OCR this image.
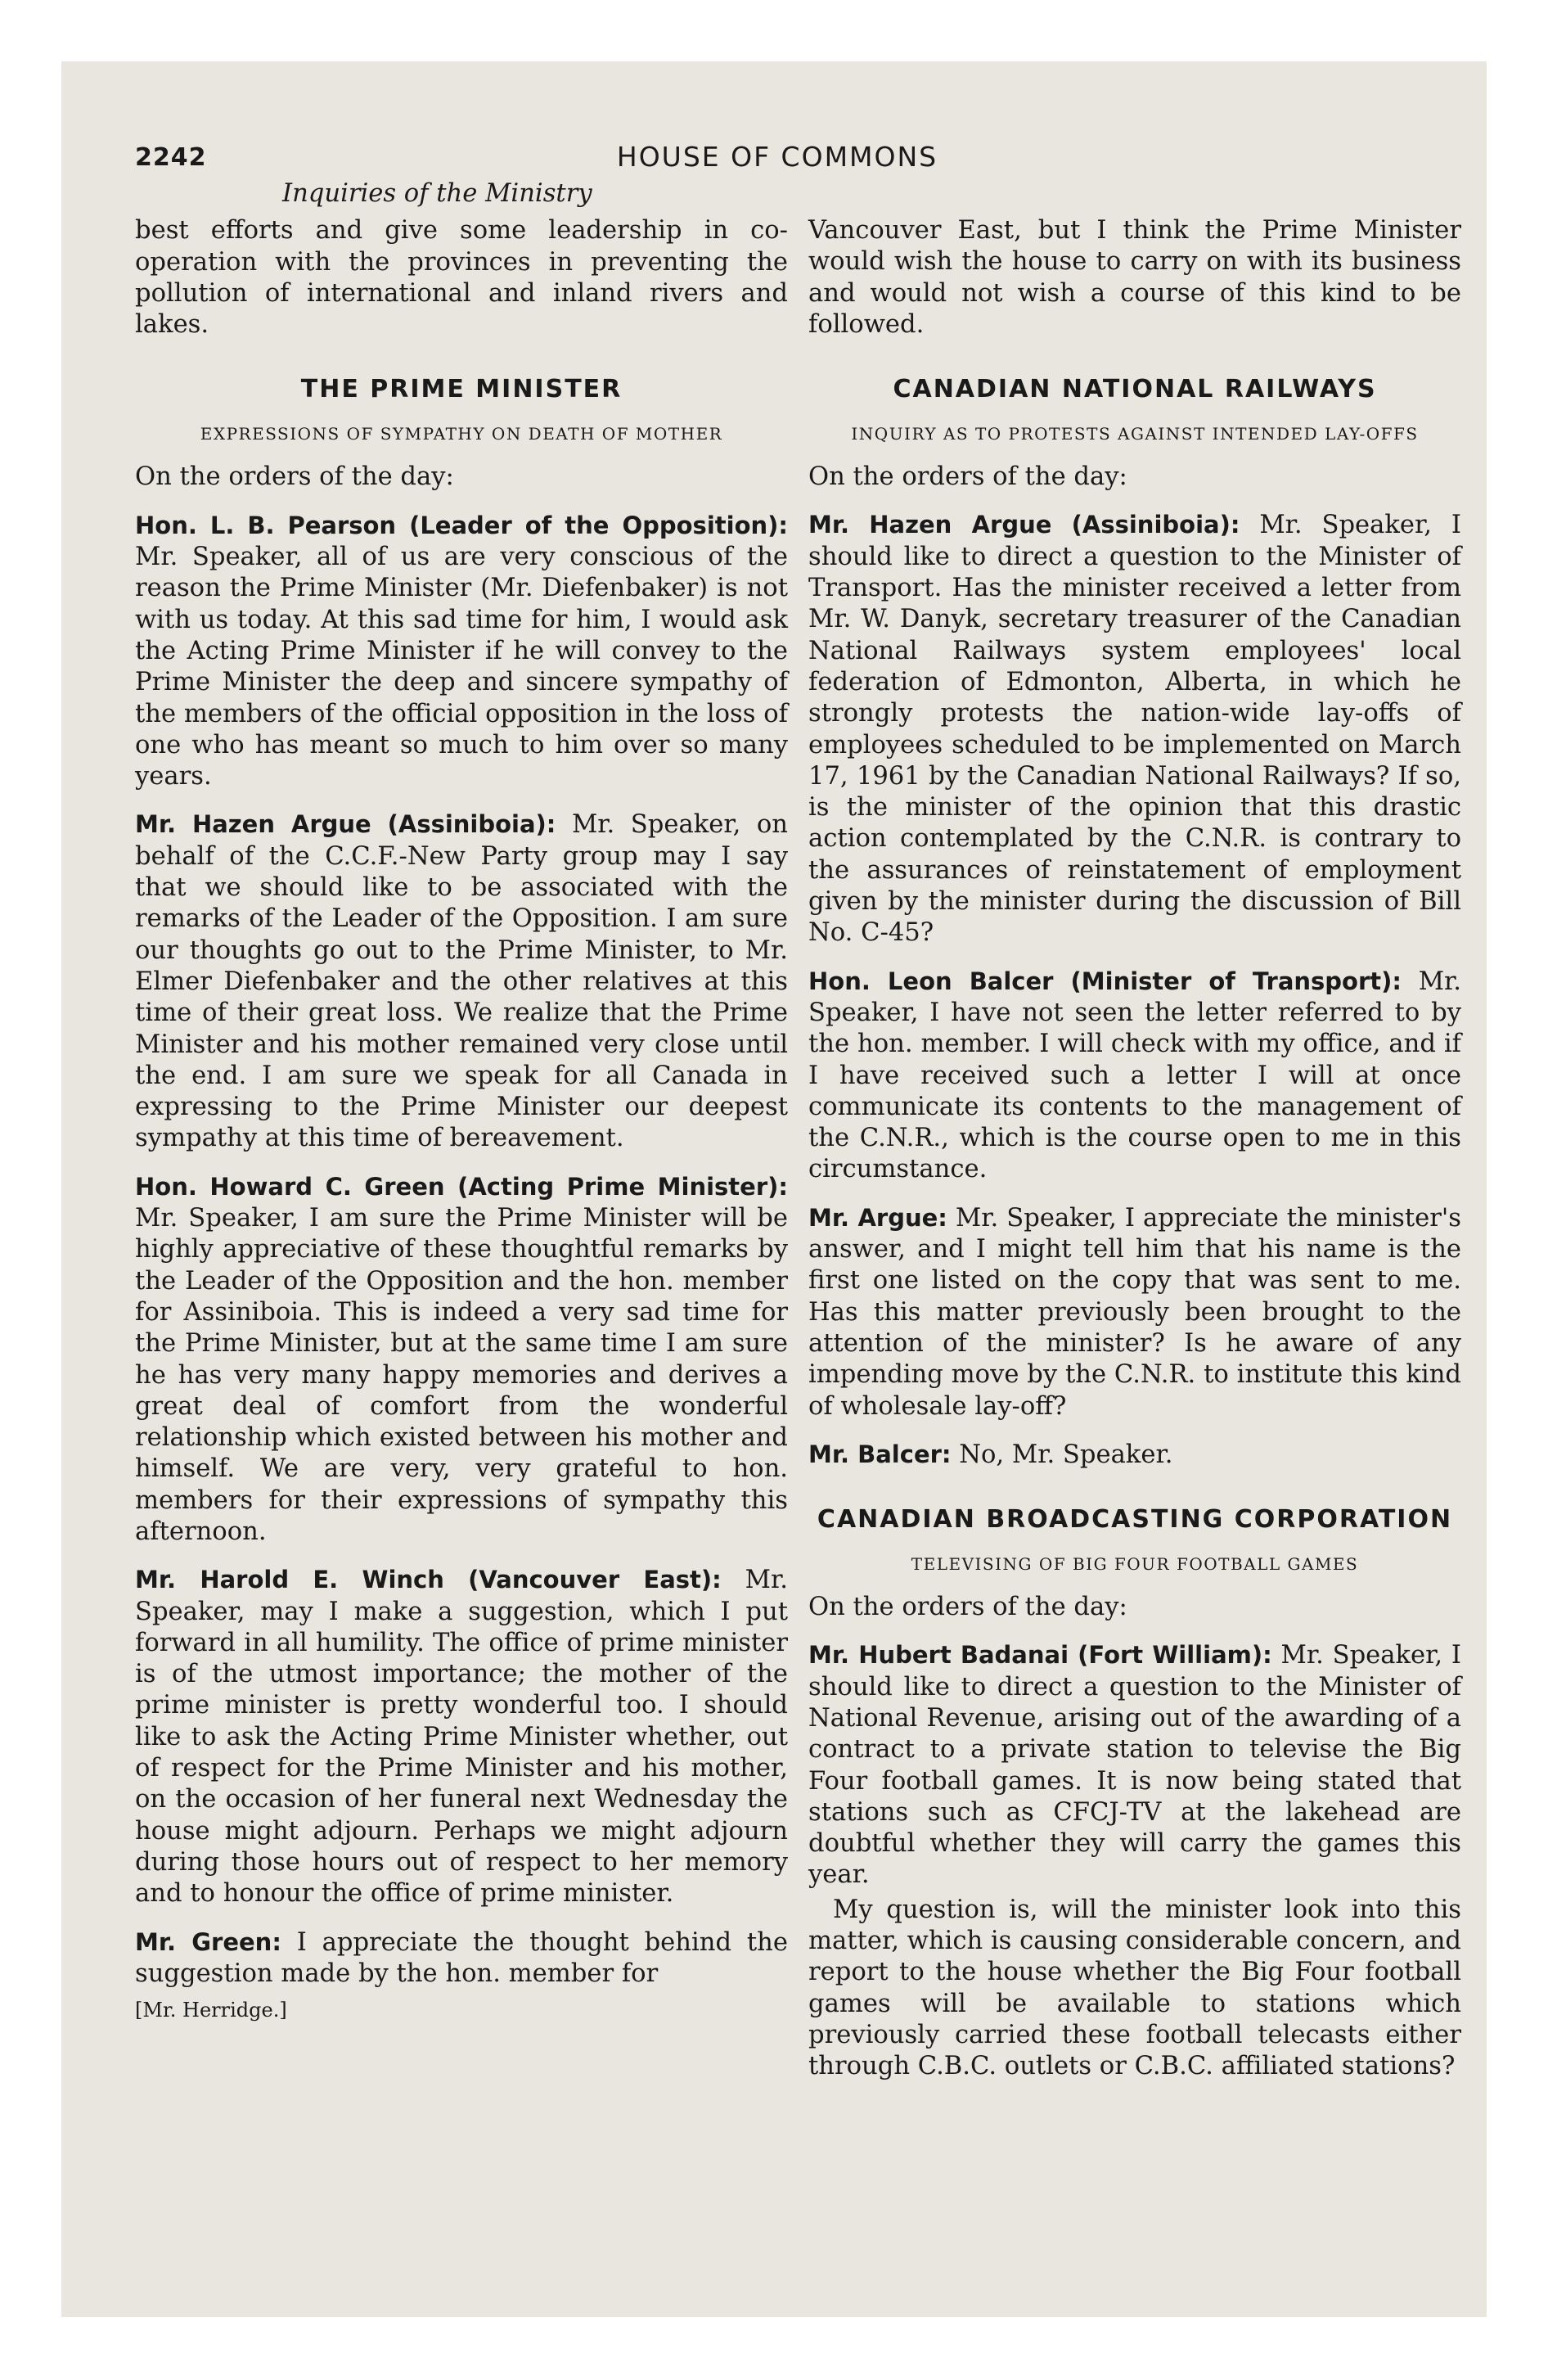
2242	HOUSE OF COMMONS
Inquiries of the Ministry

best efforts and give some leadership in co-operation with the provinces in preventing the pollution of international and inland rivers and lakes.

THE PRIME MINISTER
EXPRESSIONS OF SYMPATHY ON DEATH OF MOTHER

On the orders of the day:

Hon. L. B. Pearson (Leader of the Opposition): Mr. Speaker, all of us are very conscious of the reason the Prime Minister (Mr. Diefenbaker) is not with us today. At this sad time for him, I would ask the Acting Prime Minister if he will convey to the Prime Minister the deep and sincere sympathy of the members of the official opposition in the loss of one who has meant so much to him over so many years.

Mr. Hazen Argue (Assiniboia): Mr. Speaker, on behalf of the C.C.F.-New Party group may I say that we should like to be associated with the remarks of the Leader of the Opposition. I am sure our thoughts go out to the Prime Minister, to Mr. Elmer Diefenbaker and the other relatives at this time of their great loss. We realize that the Prime Minister and his mother remained very close until the end. I am sure we speak for all Canada in expressing to the Prime Minister our deepest sympathy at this time of bereavement.

Hon. Howard C. Green (Acting Prime Minister): Mr. Speaker, I am sure the Prime Minister will be highly appreciative of these thoughtful remarks by the Leader of the Opposition and the hon. member for Assiniboia. This is indeed a very sad time for the Prime Minister, but at the same time I am sure he has very many happy memories and derives a great deal of comfort from the wonderful relationship which existed between his mother and himself. We are very, very grateful to hon. members for their expressions of sympathy this afternoon.

Mr. Harold E. Winch (Vancouver East): Mr. Speaker, may I make a suggestion, which I put forward in all humility. The office of prime minister is of the utmost importance; the mother of the prime minister is pretty wonderful too. I should like to ask the Acting Prime Minister whether, out of respect for the Prime Minister and his mother, on the occasion of her funeral next Wednesday the house might adjourn. Perhaps we might adjourn during those hours out of respect to her memory and to honour the office of prime minister.

Mr. Green: I appreciate the thought behind the suggestion made by the hon. member for

[Mr. Herridge.]

Vancouver East, but I think the Prime Minister would wish the house to carry on with its business and would not wish a course of this kind to be followed.

CANADIAN NATIONAL RAILWAYS
INQUIRY AS TO PROTESTS AGAINST INTENDED LAY-OFFS

On the orders of the day:

Mr. Hazen Argue (Assiniboia): Mr. Speaker, I should like to direct a question to the Minister of Transport. Has the minister received a letter from Mr. W. Danyk, secretary treasurer of the Canadian National Railways system employees' local federation of Edmonton, Alberta, in which he strongly protests the nation-wide lay-offs of employees scheduled to be implemented on March 17, 1961 by the Canadian National Railways? If so, is the minister of the opinion that this drastic action contemplated by the C.N.R. is contrary to the assurances of reinstatement of employment given by the minister during the discussion of Bill No. C-45?

Hon. Leon Balcer (Minister of Transport): Mr. Speaker, I have not seen the letter referred to by the hon. member. I will check with my office, and if I have received such a letter I will at once communicate its contents to the management of the C.N.R., which is the course open to me in this circumstance.

Mr. Argue: Mr. Speaker, I appreciate the minister's answer, and I might tell him that his name is the first one listed on the copy that was sent to me. Has this matter previously been brought to the attention of the minister? Is he aware of any impending move by the C.N.R. to institute this kind of wholesale lay-off?

Mr. Balcer: No, Mr. Speaker.

CANADIAN BROADCASTING CORPORATION
TELEVISING OF BIG FOUR FOOTBALL GAMES

On the orders of the day:

Mr. Hubert Badanai (Fort William): Mr. Speaker, I should like to direct a question to the Minister of National Revenue, arising out of the awarding of a contract to a private station to televise the Big Four football games. It is now being stated that stations such as CFCJ-TV at the lakehead are doubtful whether they will carry the games this year.

My question is, will the minister look into this matter, which is causing considerable concern, and report to the house whether the Big Four football games will be available to stations which previously carried these football telecasts either through C.B.C. outlets or C.B.C. affiliated stations?
